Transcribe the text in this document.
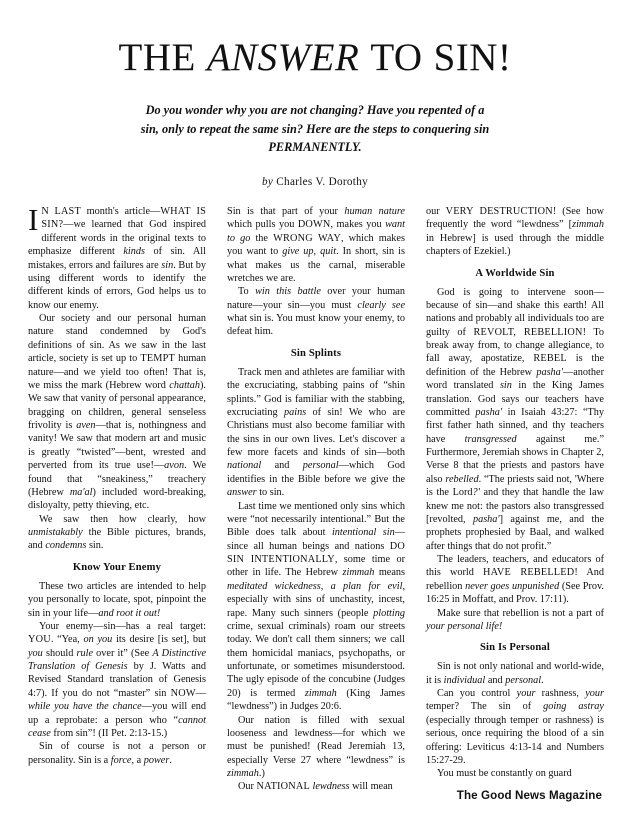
THE ANSWER TO SIN!
Do you wonder why you are not changing? Have you repented of a sin, only to repeat the same sin? Here are the steps to conquering sin PERMANENTLY.
by Charles V. Dorothy

I N LAST month's article—WHAT IS SIN?—we learned that God inspired different words in the original texts to emphasize different kinds of sin. All mistakes, errors and failures are sin. But by using different words to identify the different kinds of errors, God helps us to know our enemy.

Our society and our personal human nature stand condemned by God's definitions of sin. As we saw in the last article, society is set up to TEMPT human nature—and we yield too often! That is, we miss the mark (Hebrew word chattah). We saw that vanity of personal appearance, bragging on children, general senseless frivolity is aven—that is, nothingness and vanity! We saw that modern art and music is greatly “twisted”—bent, wrested and perverted from its true use!—avon. We found that “sneakiness,” treachery (Hebrew ma'al) included word-breaking, disloyalty, petty thieving, etc.

We saw then how clearly, how unmistakably the Bible pictures, brands, and condemns sin.

Know Your Enemy

These two articles are intended to help you personally to locate, spot, pinpoint the sin in your life—and root it out!

Your enemy—sin—has a real target: YOU. “Yea, on you its desire [is set], but you should rule over it” (See A Distinctive Translation of Genesis by J. Watts and Revised Standard translation of Genesis 4:7). If you do not “master” sin NOW—while you have the chance—you will end up a reprobate: a person who “cannot cease from sin”! (II Pet. 2:13-15.)

Sin of course is not a person or personality. Sin is a force, a power.

Sin is that part of your human nature which pulls you DOWN, makes you want to go the WRONG WAY, which makes you want to give up, quit. In short, sin is what makes us the carnal, miserable wretches we are.

To win this battle over your human nature—your sin—you must clearly see what sin is. You must know your enemy, to defeat him.

Sin Splints

Track men and athletes are familiar with the excruciating, stabbing pains of “shin splints.” God is familiar with the stabbing, excruciating pains of sin! We who are Christians must also become familiar with the sins in our own lives. Let's discover a few more facets and kinds of sin—both national and personal—which God identifies in the Bible before we give the answer to sin.

Last time we mentioned only sins which were “not necessarily intentional.” But the Bible does talk about intentional sin—since all human beings and nations DO SIN INTENTIONALLY, some time or other in life. The Hebrew zimmah means meditated wickedness, a plan for evil, especially with sins of unchastity, incest, rape. Many such sinners (people plotting crime, sexual criminals) roam our streets today. We don't call them sinners; we call them homicidal maniacs, psychopaths, or unfortunate, or sometimes misunderstood. The ugly episode of the concubine (Judges 20) is termed zimmah (King James “lewdness”) in Judges 20:6.

Our nation is filled with sexual looseness and lewdness—for which we must be punished! (Read Jeremiah 13, especially Verse 27 where “lewdness” is zimmah.)

Our NATIONAL lewdness will mean

our VERY DESTRUCTION! (See how frequently the word “lewdness” [zimmah in Hebrew] is used through the middle chapters of Ezekiel.)

A Worldwide Sin

God is going to intervene soon—because of sin—and shake this earth! All nations and probably all individuals too are guilty of REVOLT, REBELLION! To break away from, to change allegiance, to fall away, apostatize, REBEL is the definition of the Hebrew pasha'—another word translated sin in the King James translation. God says our teachers have committed pasha' in Isaiah 43:27: “Thy first father hath sinned, and thy teachers have transgressed against me.” Furthermore, Jeremiah shows in Chapter 2, Verse 8 that the priests and pastors have also rebelled. “The priests said not, 'Where is the Lord?' and they that handle the law knew me not: the pastors also transgressed [revolted, pasha'] against me, and the prophets prophesied by Baal, and walked after things that do not profit.”

The leaders, teachers, and educators of this world HAVE REBELLED! And rebellion never goes unpunished (See Prov. 16:25 in Moffatt, and Prov. 17:11).

Make sure that rebellion is not a part of your personal life!

Sin Is Personal

Sin is not only national and world-wide, it is individual and personal.

Can you control your rashness, your temper? The sin of going astray (especially through temper or rashness) is serious, once requiring the blood of a sin offering: Leviticus 4:13-14 and Numbers 15:27-29.

You must be constantly on guard

The Good News Magazine
